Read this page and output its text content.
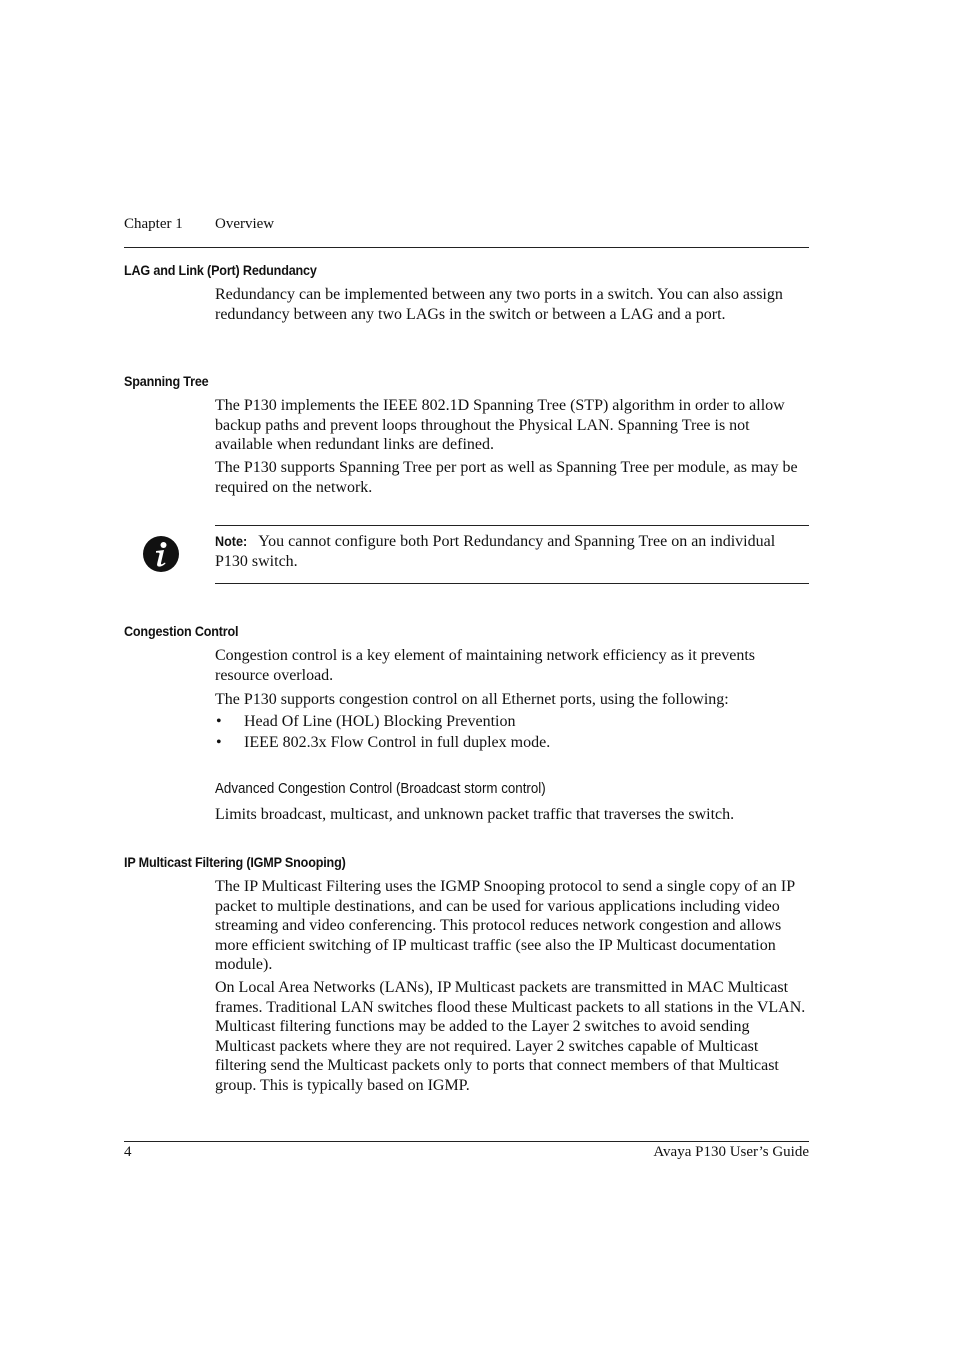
Chapter 1 Overview
LAG and Link (Port) Redundancy

Redundancy can be implemented between any two ports in a switch. You can also assign redundancy between any two LAGs in the switch or between a LAG and a port.

Spanning Tree

The P130 implements the IEEE 802.1D Spanning Tree (STP) algorithm in order to allow backup paths and prevent loops throughout the Physical LAN. Spanning Tree is not available when redundant links are defined.

The P130 supports Spanning Tree per port as well as Spanning Tree per module, as may be required on the network.

Note: You cannot configure both Port Redundancy and Spanning Tree on an individual P130 switch.

Congestion Control

Congestion control is a key element of maintaining network efficiency as it prevents resource overload.

The P130 supports congestion control on all Ethernet ports, using the following:

• Head Of Line (HOL) Blocking Prevention
• IEEE 802.3x Flow Control in full duplex mode.
Advanced Congestion Control (Broadcast storm control)

Limits broadcast, multicast, and unknown packet traffic that traverses the switch.

IP Multicast Filtering (IGMP Snooping)

The IP Multicast Filtering uses the IGMP Snooping protocol to send a single copy of an IP packet to multiple destinations, and can be used for various applications including video streaming and video conferencing. This protocol reduces network congestion and allows more efficient switching of IP multicast traffic (see also the IP Multicast documentation module).

On Local Area Networks (LANs), IP Multicast packets are transmitted in MAC Multicast frames. Traditional LAN switches flood these Multicast packets to all stations in the VLAN. Multicast filtering functions may be added to the Layer 2 switches to avoid sending Multicast packets where they are not required. Layer 2 switches capable of Multicast filtering send the Multicast packets only to ports that connect members of that Multicast group. This is typically based on IGMP.

4	Avaya P130 User’s Guide
